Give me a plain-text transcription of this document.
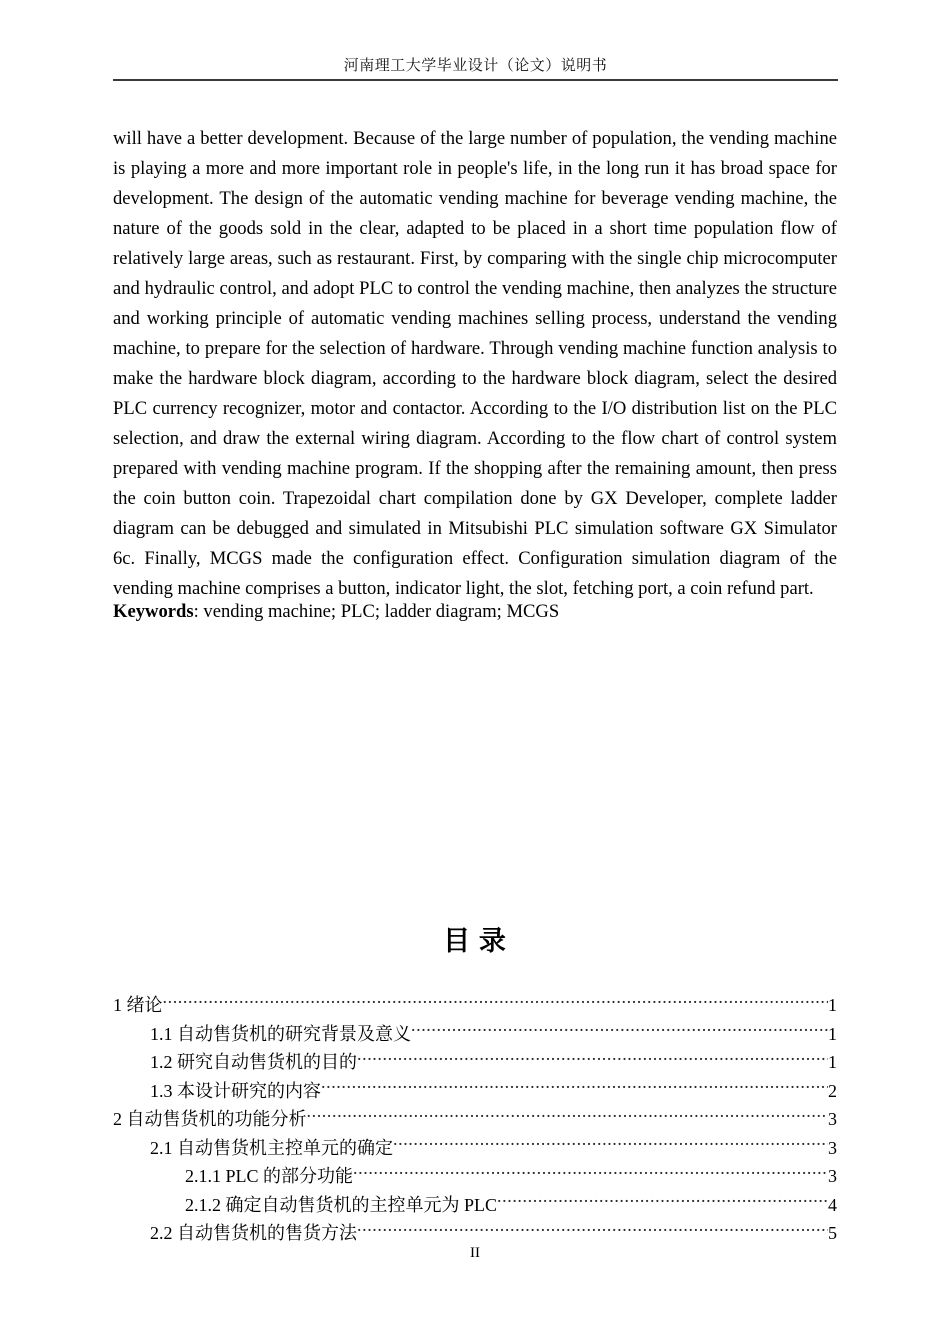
河南理工大学毕业设计（论文）说明书

will have a better development. Because of the large number of population, the vending machine is playing a more and more important role in people's life, in the long run it has broad space for development. The design of the automatic vending machine for beverage vending machine, the nature of the goods sold in the clear, adapted to be placed in a short time population flow of relatively large areas, such as restaurant. First, by comparing with the single chip microcomputer and hydraulic control, and adopt PLC to control the vending machine, then analyzes the structure and working principle of automatic vending machines selling process, understand the vending machine, to prepare for the selection of hardware. Through vending machine function analysis to make the hardware block diagram, according to the hardware block diagram, select the desired PLC currency recognizer, motor and contactor. According to the I/O distribution list on the PLC selection, and draw the external wiring diagram. According to the flow chart of control system prepared with vending machine program. If the shopping after the remaining amount, then press the coin button coin. Trapezoidal chart compilation done by GX Developer, complete ladder diagram can be debugged and simulated in Mitsubishi PLC simulation software GX Simulator 6c. Finally, MCGS made the configuration effect. Configuration simulation diagram of the vending machine comprises a button, indicator light, the slot, fetching port, a coin refund part.

Keywords: vending machine; PLC; ladder diagram; MCGS

目 录
1 绪论 .....	1
1.1 自动售货机的研究背景及意义 .....	1
1.2 研究自动售货机的目的 .....	1
1.3 本设计研究的内容 .....	2
2 自动售货机的功能分析 .....	3
2.1 自动售货机主控单元的确定 .....	3
2.1.1 PLC 的部分功能 .....	3
2.1.2 确定自动售货机的主控单元为 PLC .....	4
2.2 自动售货机的售货方法 .....	5
II
